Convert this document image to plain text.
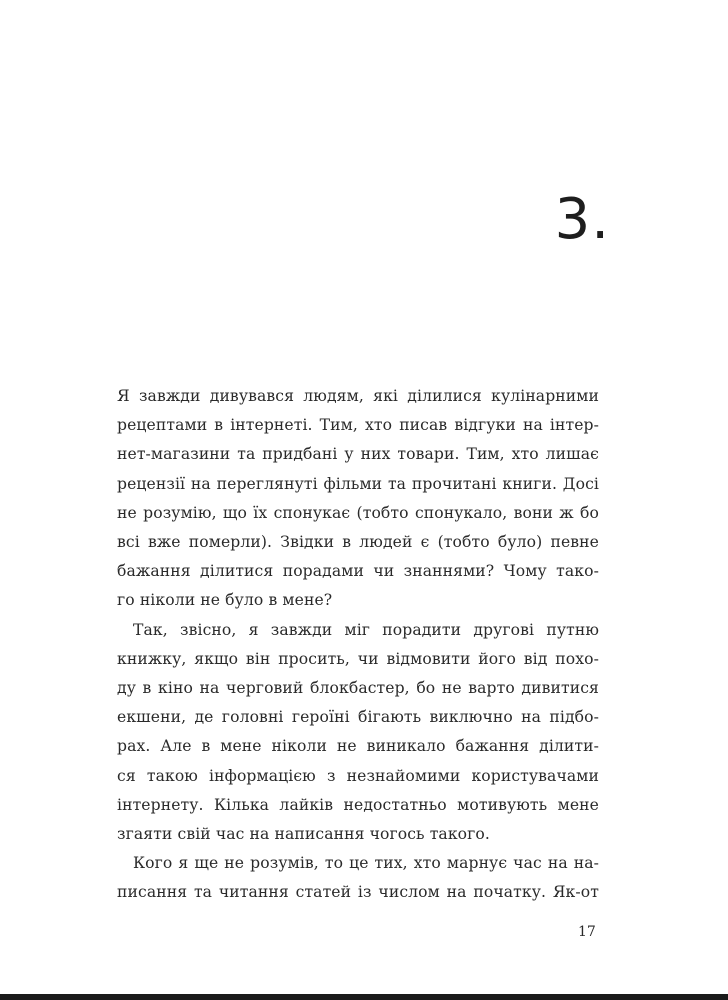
3.
Я завжди дивувався людям, які ділилися кулінарними
рецептами в інтернеті. Тим, хто писав відгуки на інтер-
нет-магазини та придбані у них товари. Тим, хто лишає
рецензії на переглянуті фільми та прочитані книги. Досі
не розумію, що їх спонукає (тобто спонукало, вони ж бо
всі вже померли). Звідки в людей є (тобто було) певне
бажання ділитися порадами чи знаннями? Чому тако-
го ніколи не було в мене?
Так, звісно, я завжди міг порадити другові путню
книжку, якщо він просить, чи відмовити його від похо-
ду в кіно на черговий блокбастер, бо не варто дивитися
екшени, де головні героїні бігають виключно на підбо-
рах. Але в мене ніколи не виникало бажання ділити-
ся такою інформацією з незнайомими користувачами
інтернету. Кілька лайків недостатньо мотивують мене
згаяти свій час на написання чогось такого.
Кого я ще не розумів, то це тих, хто марнує час на на-
писання та читання статей із числом на початку. Як-от
17
